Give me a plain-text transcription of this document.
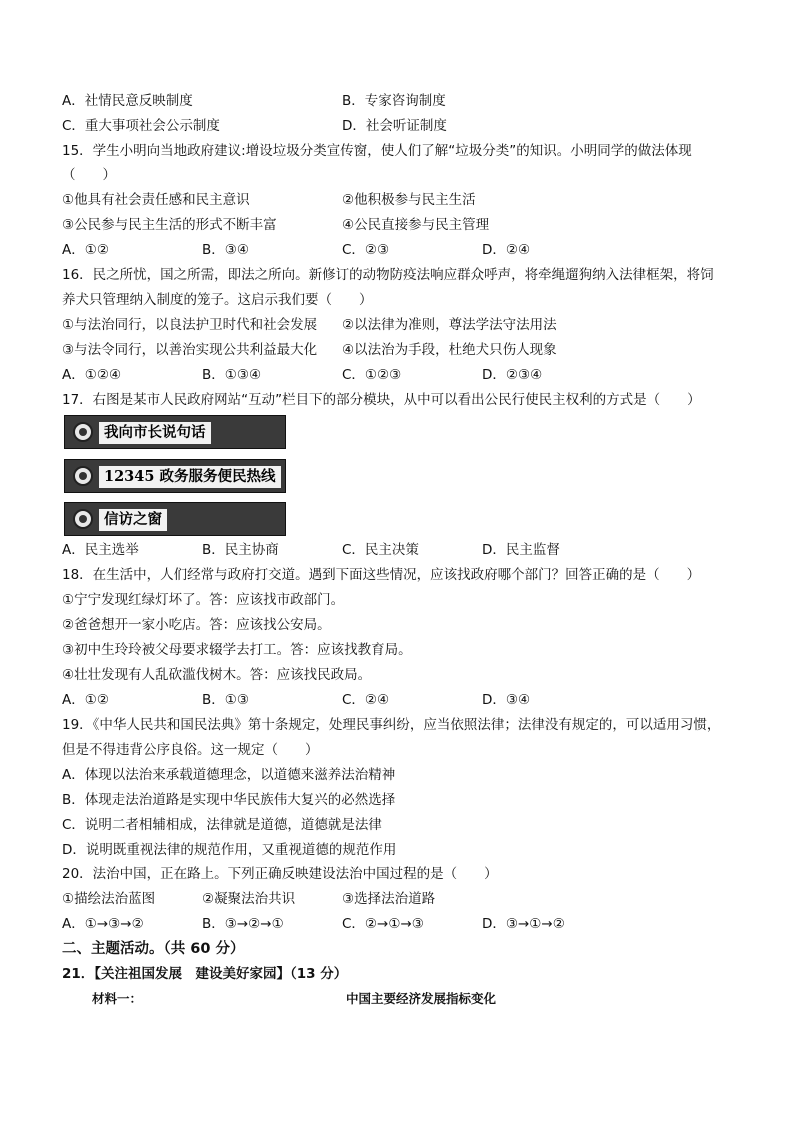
A．社情民意反映制度	B．专家咨询制度
C．重大事项社会公示制度	D．社会听证制度
15．学生小明向当地政府建议:增设垃圾分类宣传窗，使人们了解“垃圾分类”的知识。小明同学的做法体现
（　　）
①他具有社会责任感和民主意识	②他积极参与民主生活
③公民参与民主生活的形式不断丰富	④公民直接参与民主管理
A．①②	B．③④	C．②③	D．②④
16．民之所忧，国之所需，即法之所向。新修订的动物防疫法响应群众呼声，将牵绳遛狗纳入法律框架，将饲
养犬只管理纳入制度的笼子。这启示我们要（　　）
①与法治同行，以良法护卫时代和社会发展 ②以法律为准则，尊法学法守法用法
③与法令同行，以善治实现公共利益最大化 ④以法治为手段，杜绝犬只伤人现象
A．①②④	B．①③④	C．①②③	D．②③④
17．右图是某市人民政府网站“互动”栏目下的部分模块，从中可以看出公民行使民主权利的方式是（　　）
我向市长说句话
12345 政务服务便民热线
信访之窗
A．民主选举	B．民主协商	C．民主决策	D．民主监督
18．在生活中，人们经常与政府打交道。遇到下面这些情况，应该找政府哪个部门？回答正确的是（　　）
①宁宁发现红绿灯坏了。答：应该找市政部门。
②爸爸想开一家小吃店。答：应该找公安局。
③初中生玲玲被父母要求辍学去打工。答：应该找教育局。
④壮壮发现有人乱砍滥伐树木。答：应该找民政局。
A．①②	B．①③	C．②④	D．③④
19．《中华人民共和国民法典》第十条规定，处理民事纠纷，应当依照法律；法律没有规定的，可以适用习惯，
但是不得违背公序良俗。这一规定（　　）
A．体现以法治来承载道德理念，以道德来滋养法治精神
B．体现走法治道路是实现中华民族伟大复兴的必然选择
C．说明二者相辅相成，法律就是道德，道德就是法律
D．说明既重视法律的规范作用，又重视道德的规范作用
20．法治中国，正在路上。下列正确反映建设法治中国过程的是（　　）
①描绘法治蓝图	②凝聚法治共识	③选择法治道路
A．①→③→②	B．③→②→①	C．②→①→③	D．③→①→②
二、主题活动。（共 60 分）
21．【关注祖国发展　建设美好家园】（13 分）
材料一：	中国主要经济发展指标变化
